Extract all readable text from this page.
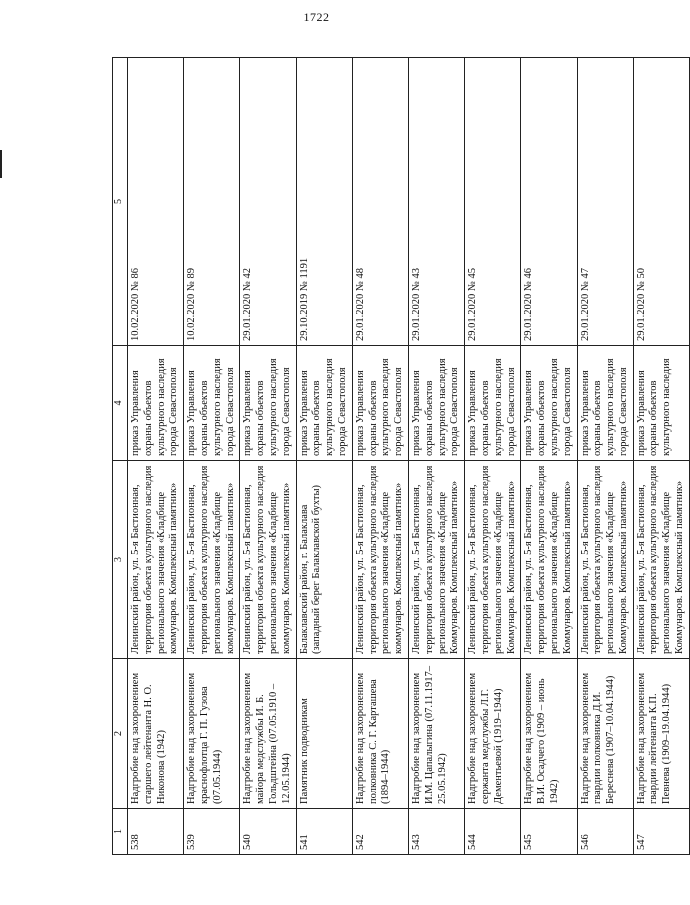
1722
1	2	3	4	5
538	Надгробие над захоронением старшего лейтенанта Н. О. Никонова (1942)	Ленинский район, ул. 5-я Бастионная, территория объекта культурного наследия регионального значения «Кладбище коммунаров. Комплексный памятник»	приказ Управления охраны объектов культурного наследия города Севастополя	10.02.2020 № 86
539	Надгробие над захоронением краснофлотца Г. П. Гузова (07.05.1944)	Ленинский район, ул. 5-я Бастионная, территория объекта культурного наследия регионального значения «Кладбище коммунаров. Комплексный памятник»	приказ Управления охраны объектов культурного наследия города Севастополя	10.02.2020 № 89
540	Надгробие над захоронением майора медслужбы И. Б. Гольдштейна (07.05.1910 – 12.05.1944)	Ленинский район, ул. 5-я Бастионная, территория объекта культурного наследия регионального значения «Кладбище коммунаров. Комплексный памятник»	приказ Управления охраны объектов культурного наследия города Севастополя	29.01.2020 № 42
541	Памятник подводникам	Балаклавский район, г. Балаклава (западный берег Балаклавской бухты)	приказ Управления охраны объектов культурного наследия города Севастополя	29.10.2019 № 1191
542	Надгробие над захоронением полковника С. Г. Карташева (1894–1944)	Ленинский район, ул. 5-я Бастионная, территория объекта культурного наследия регионального значения «Кладбище коммунаров. Комплексный памятник»	приказ Управления охраны объектов культурного наследия города Севастополя	29.01.2020 № 48
543	Надгробие над захоронением И.М. Цапалыгина (07.11.1917–25.05.1942)	Ленинский район, ул. 5-я Бастионная, территория объекта культурного наследия регионального значения «Кладбище Коммунаров. Комплексный памятник»	приказ Управления охраны объектов культурного наследия города Севастополя	29.01.2020 № 43
544	Надгробие над захоронением сержанта медслужбы Л.Г. Дементьевой (1919–1944)	Ленинский район, ул. 5-я Бастионная, территория объекта культурного наследия регионального значения «Кладбище Коммунаров. Комплексный памятник»	приказ Управления охраны объектов культурного наследия города Севастополя	29.01.2020 № 45
545	Надгробие над захоронением В.И. Осадчего (1909 – июнь 1942)	Ленинский район, ул. 5-я Бастионная, территория объекта культурного наследия регионального значения «Кладбище Коммунаров. Комплексный памятник»	приказ Управления охраны объектов культурного наследия города Севастополя	29.01.2020 № 46
546	Надгробие над захоронением гвардии полковника Д.И. Береснева (1907–10.04.1944)	Ленинский район, ул. 5-я Бастионная, территория объекта культурного наследия регионального значения «Кладбище Коммунаров. Комплексный памятник»	приказ Управления охраны объектов культурного наследия города Севастополя	29.01.2020 № 47
547	Надгробие над захоронением гвардии лейтенанта К.П. Певнева (1909–19.04.1944)	Ленинский район, ул. 5-я Бастионная, территория объекта культурного наследия регионального значения «Кладбище Коммунаров. Комплексный памятник»	приказ Управления охраны объектов культурного наследия	29.01.2020 № 50
